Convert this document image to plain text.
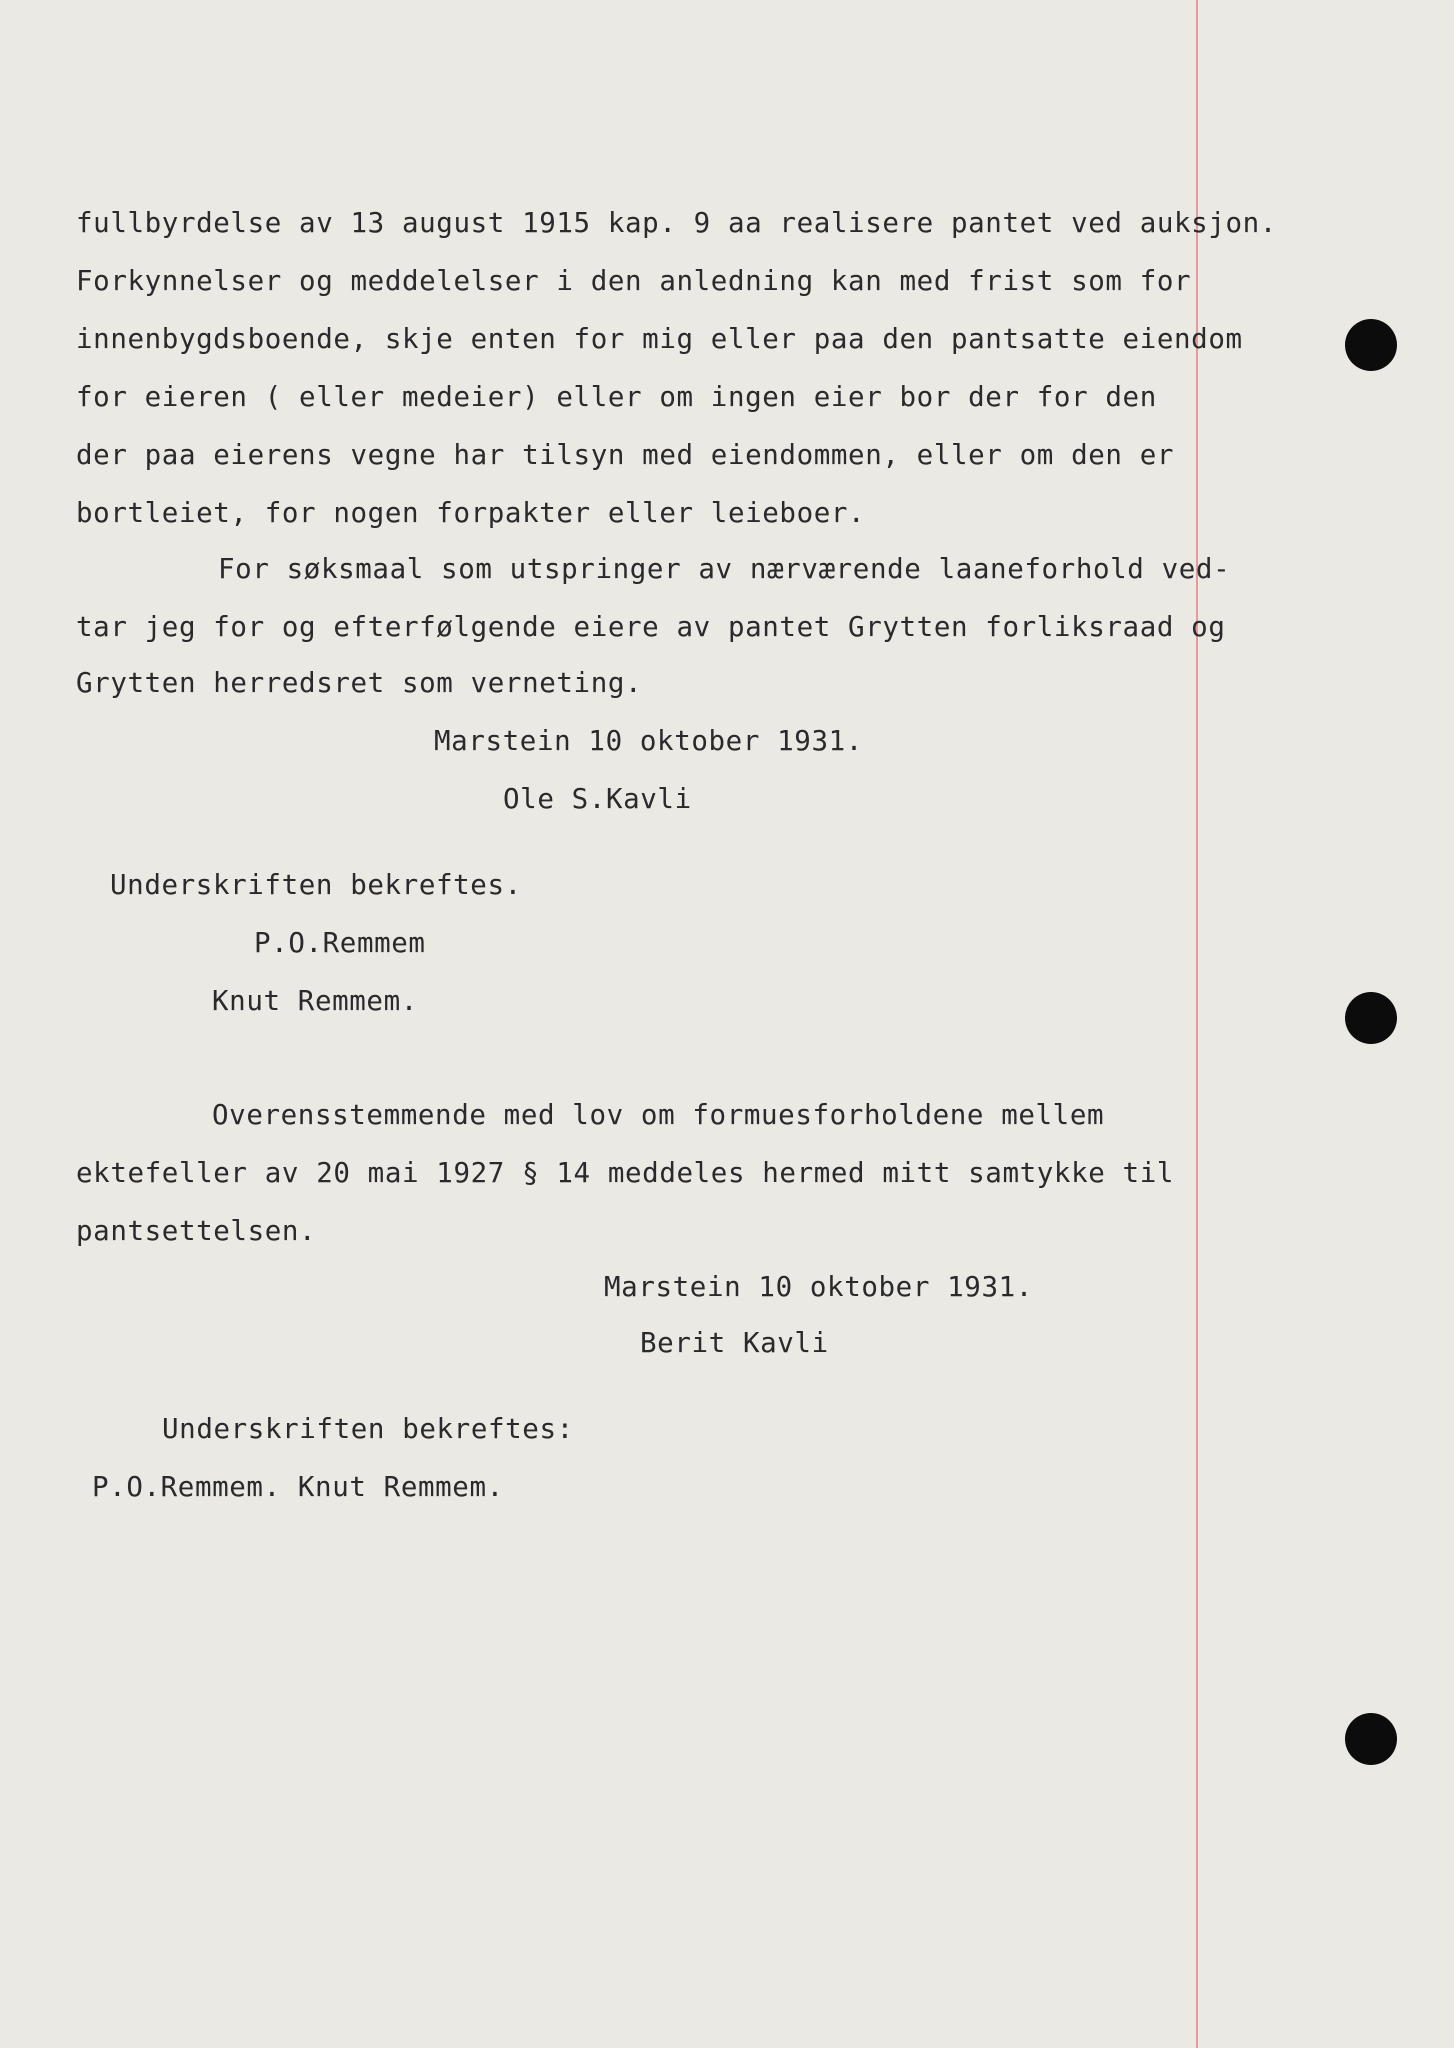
fullbyrdelse av 13 august 1915 kap. 9 aa realisere pantet ved auksjon.
Forkynnelser og meddelelser i den anledning kan med frist som for
innenbygdsboende, skje enten for mig eller paa den pantsatte eiendom
for eieren ( eller medeier) eller om ingen eier bor der for den
der paa eierens vegne har tilsyn med eiendommen, eller om den er
bortleiet, for nogen forpakter eller leieboer.
For søksmaal som utspringer av nærværende laaneforhold ved-
tar jeg for og efterfølgende eiere av pantet Grytten forliksraad og
Grytten herredsret som verneting.
Marstein 10 oktober 1931.
Ole S.Kavli
Underskriften bekreftes.
P.O.Remmem
Knut Remmem.
Overensstemmende med lov om formuesforholdene mellem
ektefeller av 20 mai 1927 § 14 meddeles hermed mitt samtykke til
pantsettelsen.
Marstein 10 oktober 1931.
Berit Kavli
Underskriften bekreftes:
P.O.Remmem. Knut Remmem.
